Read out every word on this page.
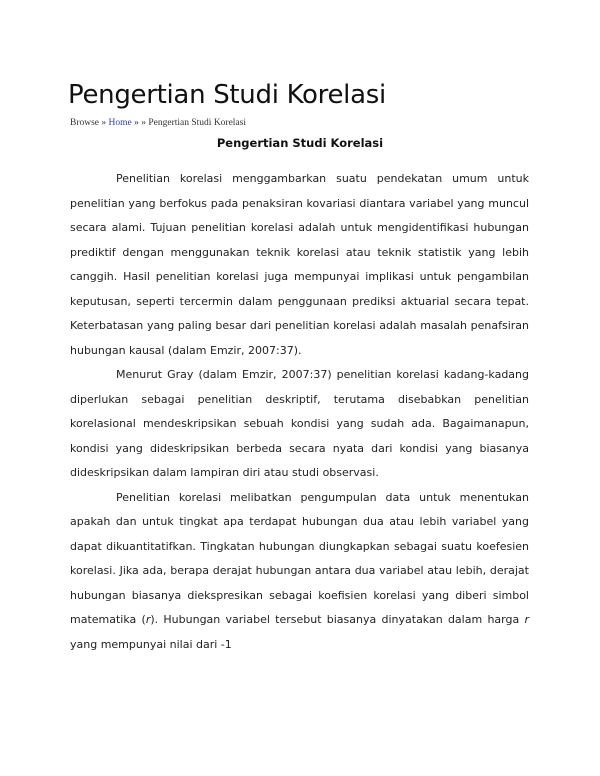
Pengertian Studi Korelasi
Browse » Home » » Pengertian Studi Korelasi
Pengertian Studi Korelasi

Penelitian korelasi menggambarkan suatu pendekatan umum untuk penelitian yang berfokus pada penaksiran kovariasi diantara variabel yang muncul secara alami. Tujuan penelitian korelasi adalah untuk mengidentifikasi hubungan prediktif dengan menggunakan teknik korelasi atau teknik statistik yang lebih canggih. Hasil penelitian korelasi juga mempunyai implikasi untuk pengambilan keputusan, seperti tercermin dalam penggunaan prediksi aktuarial secara tepat. Keterbatasan yang paling besar dari penelitian korelasi adalah masalah penafsiran hubungan kausal (dalam Emzir, 2007:37).

Menurut Gray (dalam Emzir, 2007:37) penelitian korelasi kadang-kadang diperlukan sebagai penelitian deskriptif, terutama disebabkan penelitian korelasional mendeskripsikan sebuah kondisi yang sudah ada. Bagaimanapun, kondisi yang dideskripsikan berbeda secara nyata dari kondisi yang biasanya dideskripsikan dalam lampiran diri atau studi observasi.

Penelitian korelasi melibatkan pengumpulan data untuk menentukan apakah dan untuk tingkat apa terdapat hubungan dua atau lebih variabel yang dapat dikuantitatifkan. Tingkatan hubungan diungkapkan sebagai suatu koefesien korelasi. Jika ada, berapa derajat hubungan antara dua variabel atau lebih, derajat hubungan biasanya diekspresikan sebagai koefisien korelasi yang diberi simbol matematika (r). Hubungan variabel tersebut biasanya dinyatakan dalam harga r yang mempunyai nilai dari -1
